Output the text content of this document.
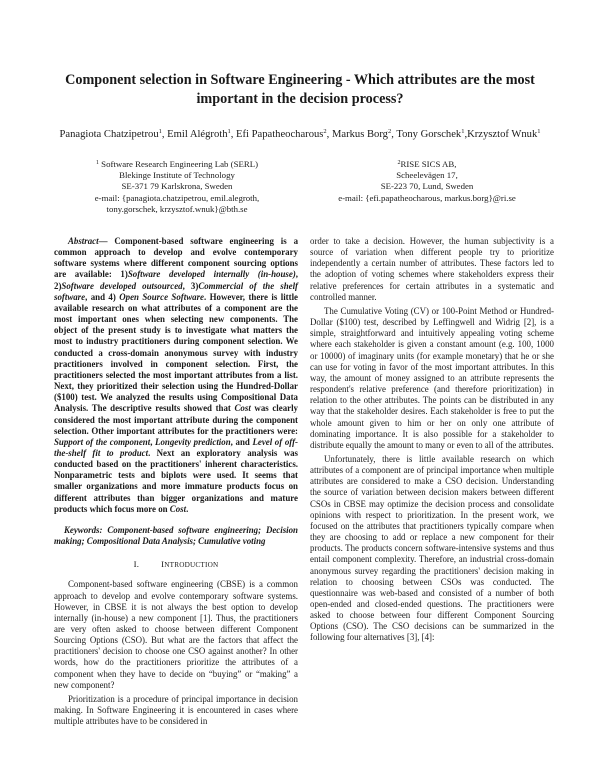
Component selection in Software Engineering - Which attributes are the most important in the decision process?
Panagiota Chatzipetrou$^1$, Emil Alégroth$^1$, Efi Papatheocharous$^2$, Markus Borg$^2$, Tony Gorschek$^1$,Krzysztof Wnuk$^1$
$^1$ Software Research Engineering Lab (SERL)
Blekinge Institute of Technology
SE-371 79 Karlskrona, Sweden
e-mail: {panagiota.chatzipetrou, emil.alegroth,
tony.gorschek, krzysztof.wnuk}@bth.se
$^2$RISE SICS AB,
Scheelevägen 17,
SE-223 70, Lund, Sweden
e-mail: {efi.papatheocharous, markus.borg}@ri.se

Abstract— Component-based software engineering is a common approach to develop and evolve contemporary software systems where different component sourcing options are available: 1)Software developed internally (in-house), 2)Software developed outsourced, 3)Commercial of the shelf software, and 4) Open Source Software. However, there is little available research on what attributes of a component are the most important ones when selecting new components. The object of the present study is to investigate what matters the most to industry practitioners during component selection. We conducted a cross-domain anonymous survey with industry practitioners involved in component selection. First, the practitioners selected the most important attributes from a list. Next, they prioritized their selection using the Hundred-Dollar ($100) test. We analyzed the results using Compositional Data Analysis. The descriptive results showed that Cost was clearly considered the most important attribute during the component selection. Other important attributes for the practitioners were: Support of the component, Longevity prediction, and Level of off-the-shelf fit to product. Next an exploratory analysis was conducted based on the practitioners' inherent characteristics. Nonparametric tests and biplots were used. It seems that smaller organizations and more immature products focus on different attributes than bigger organizations and mature products which focus more on Cost.

Keywords: Component-based software engineering; Decision making; Compositional Data Analysis; Cumulative voting

I.	INTRODUCTION

Component-based software engineering (CBSE) is a common approach to develop and evolve contemporary software systems. However, in CBSE it is not always the best option to develop internally (in-house) a new component [1]. Thus, the practitioners are very often asked to choose between different Component Sourcing Options (CSO). But what are the factors that affect the practitioners' decision to choose one CSO against another? In other words, how do the practitioners prioritize the attributes of a component when they have to decide on “buying” or “making” a new component?

Prioritization is a procedure of principal importance in decision making. In Software Engineering it is encountered in cases where multiple attributes have to be considered in

order to take a decision. However, the human subjectivity is a source of variation when different people try to prioritize independently a certain number of attributes. These factors led to the adoption of voting schemes where stakeholders express their relative preferences for certain attributes in a systematic and controlled manner.

The Cumulative Voting (CV) or 100-Point Method or Hundred-Dollar ($100) test, described by Leffingwell and Widrig [2], is a simple, straightforward and intuitively appealing voting scheme where each stakeholder is given a constant amount (e.g. 100, 1000 or 10000) of imaginary units (for example monetary) that he or she can use for voting in favor of the most important attributes. In this way, the amount of money assigned to an attribute represents the respondent's relative preference (and therefore prioritization) in relation to the other attributes. The points can be distributed in any way that the stakeholder desires. Each stakeholder is free to put the whole amount given to him or her on only one attribute of dominating importance. It is also possible for a stakeholder to distribute equally the amount to many or even to all of the attributes.

Unfortunately, there is little available research on which attributes of a component are of principal importance when multiple attributes are considered to make a CSO decision. Understanding the source of variation between decision makers between different CSOs in CBSE may optimize the decision process and consolidate opinions with respect to prioritization. In the present work, we focused on the attributes that practitioners typically compare when they are choosing to add or replace a new component for their products. The products concern software-intensive systems and thus entail component complexity. Therefore, an industrial cross-domain anonymous survey regarding the practitioners' decision making in relation to choosing between CSOs was conducted. The questionnaire was web-based and consisted of a number of both open-ended and closed-ended questions. The practitioners were asked to choose between four different Component Sourcing Options (CSO). The CSO decisions can be summarized in the following four alternatives [3], [4]:
